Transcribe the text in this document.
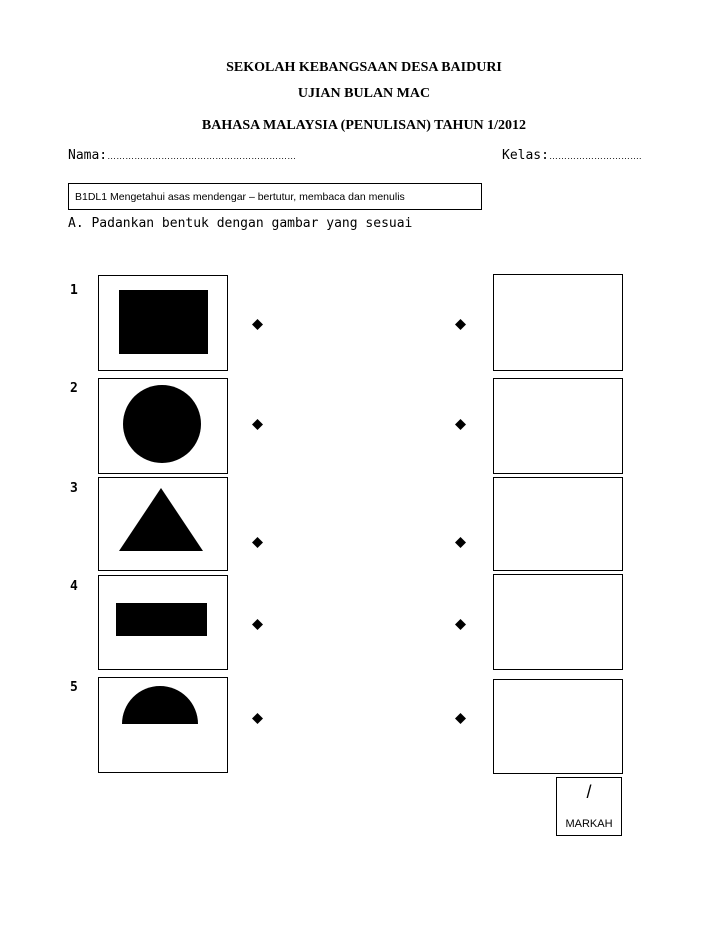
SEKOLAH KEBANGSAAN DESA BAIDURI
UJIAN BULAN MAC
BAHASA MALAYSIA (PENULISAN) TAHUN 1/2012
Nama:………………………………………………………	Kelas:………………………….
B1DL1 Mengetahui asas mendengar – bertutur, membaca dan menulis
A. Padankan bentuk dengan gambar yang sesuai
1
2
3
4
5
/
MARKAH
